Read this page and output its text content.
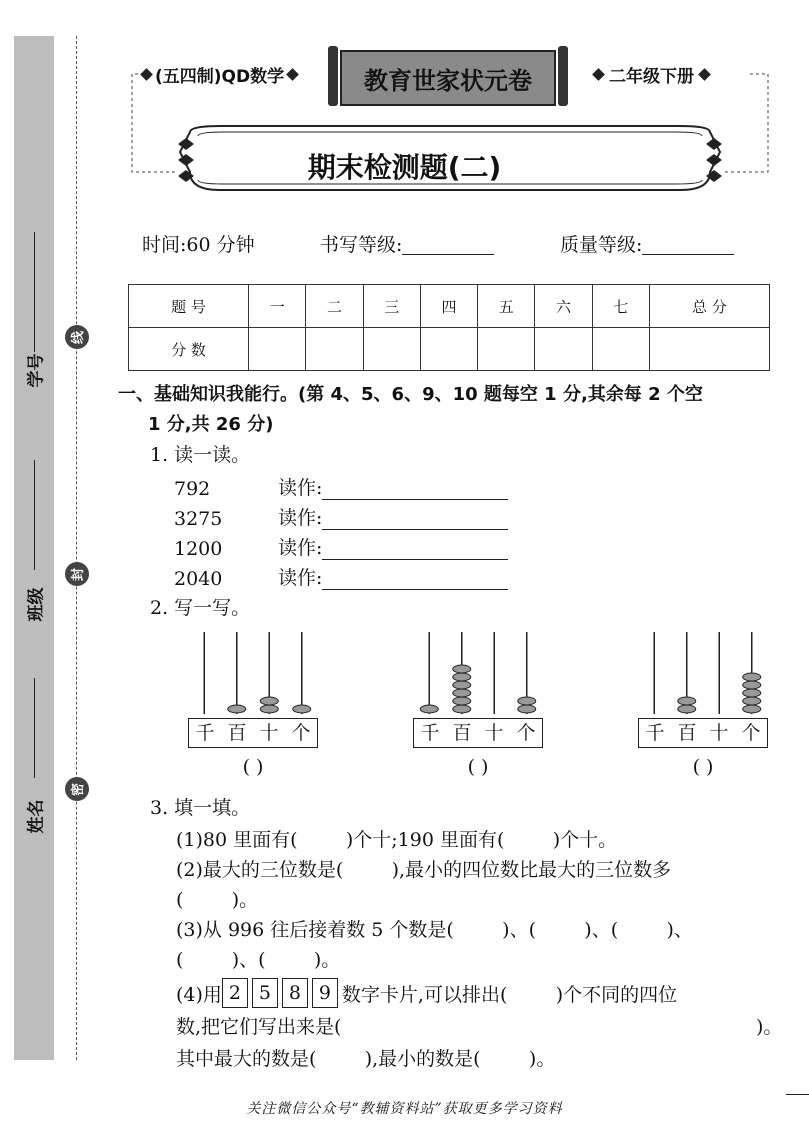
学号
班级
姓名
线
封
密
(五四制)QD数学	教育世家状元卷	二年级下册
期末检测题(二)
时间:60 分钟	书写等级:	质量等级:
题 号	一	二	三	四	五	六	七	总 分
分 数								
一、基础知识我能行。(第 4、5、6、9、10 题每空 1 分,其余每 2 个空
1 分,共 26 分)
1. 读一读。
792	读作:
3275	读作:
1200	读作:
2040	读作:
2. 写一写。
千 百 十 个
( )
千 百 十 个
( )
千 百 十 个
( )
3. 填一填。
(1)80 里面有(        )个十;190 里面有(        )个十。
(2)最大的三位数是(        ),最小的四位数比最大的三位数多
(        )。
(3)从 996 往后接着数 5 个数是(        )、(        )、(        )、
(        )、(        )。
(4)用 2 5 8 9 数字卡片,可以排出(        )个不同的四位
数,把它们写出来是(	)。
其中最大的数是(        ),最小的数是(        )。
关注微信公众号“教辅资料站”获取更多学习资料
